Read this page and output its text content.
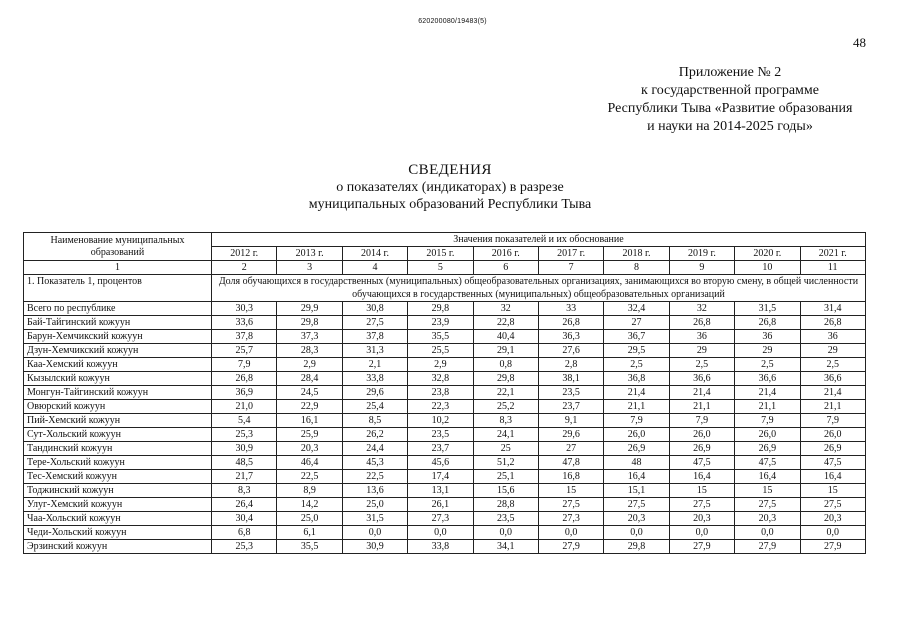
620200080/19483(5)
48
Приложение № 2
к государственной программе
Республики Тыва «Развитие образования
и науки на 2014-2025 годы»
СВЕДЕНИЯ
о показателях (индикаторах) в разрезе
муниципальных образований Республики Тыва
Наименование муниципальных образований	Значения показателей и их обоснование									
	2012 г.	2013 г.	2014 г.	2015 г.	2016 г.	2017 г.	2018 г.	2019 г.	2020 г.	2021 г.
1	2	3	4	5	6	7	8	9	10	11
1. Показатель 1, процентов	Доля обучающихся в государственных (муниципальных) общеобразовательных организациях, занимающихся во вторую смену, в общей численности обучающихся в государственных (муниципальных) общеобразовательных организаций									
Всего по республике	30,3	29,9	30,8	29,8	32	33	32,4	32	31,5	31,4
Бай-Тайгинский кожуун	33,6	29,8	27,5	23,9	22,8	26,8	27	26,8	26,8	26,8
Барун-Хемчикский кожуун	37,8	37,3	37,8	35,5	40,4	36,3	36,7	36	36	36
Дзун-Хемчикский кожуун	25,7	28,3	31,3	25,5	29,1	27,6	29,5	29	29	29
Каа-Хемский кожуун	7,9	2,9	2,1	2,9	0,8	2,8	2,5	2,5	2,5	2,5
Кызылский кожуун	26,8	28,4	33,8	32,8	29,8	38,1	36,8	36,6	36,6	36,6
Монгун-Тайгинский кожуун	36,9	24,5	29,6	23,8	22,1	23,5	21,4	21,4	21,4	21,4
Овюрский кожуун	21,0	22,9	25,4	22,3	25,2	23,7	21,1	21,1	21,1	21,1
Пий-Хемский кожуун	5,4	16,1	8,5	10,2	8,3	9,1	7,9	7,9	7,9	7,9
Сут-Хольский кожуун	25,3	25,9	26,2	23,5	24,1	29,6	26,0	26,0	26,0	26,0
Тандинский кожуун	30,9	20,3	24,4	23,7	25	27	26,9	26,9	26,9	26,9
Тере-Хольский кожуун	48,5	46,4	45,3	45,6	51,2	47,8	48	47,5	47,5	47,5
Тес-Хемский кожуун	21,7	22,5	22,5	17,4	25,1	16,8	16,4	16,4	16,4	16,4
Тоджинский кожуун	8,3	8,9	13,6	13,1	15,6	15	15,1	15	15	15
Улуг-Хемский кожуун	26,4	14,2	25,0	26,1	28,8	27,5	27,5	27,5	27,5	27,5
Чаа-Хольский кожуун	30,4	25,0	31,5	27,3	23,5	27,3	20,3	20,3	20,3	20,3
Чеди-Хольский кожуун	6,8	6,1	0,0	0,0	0,0	0,0	0,0	0,0	0,0	0,0
Эрзинский кожуун	25,3	35,5	30,9	33,8	34,1	27,9	29,8	27,9	27,9	27,9
